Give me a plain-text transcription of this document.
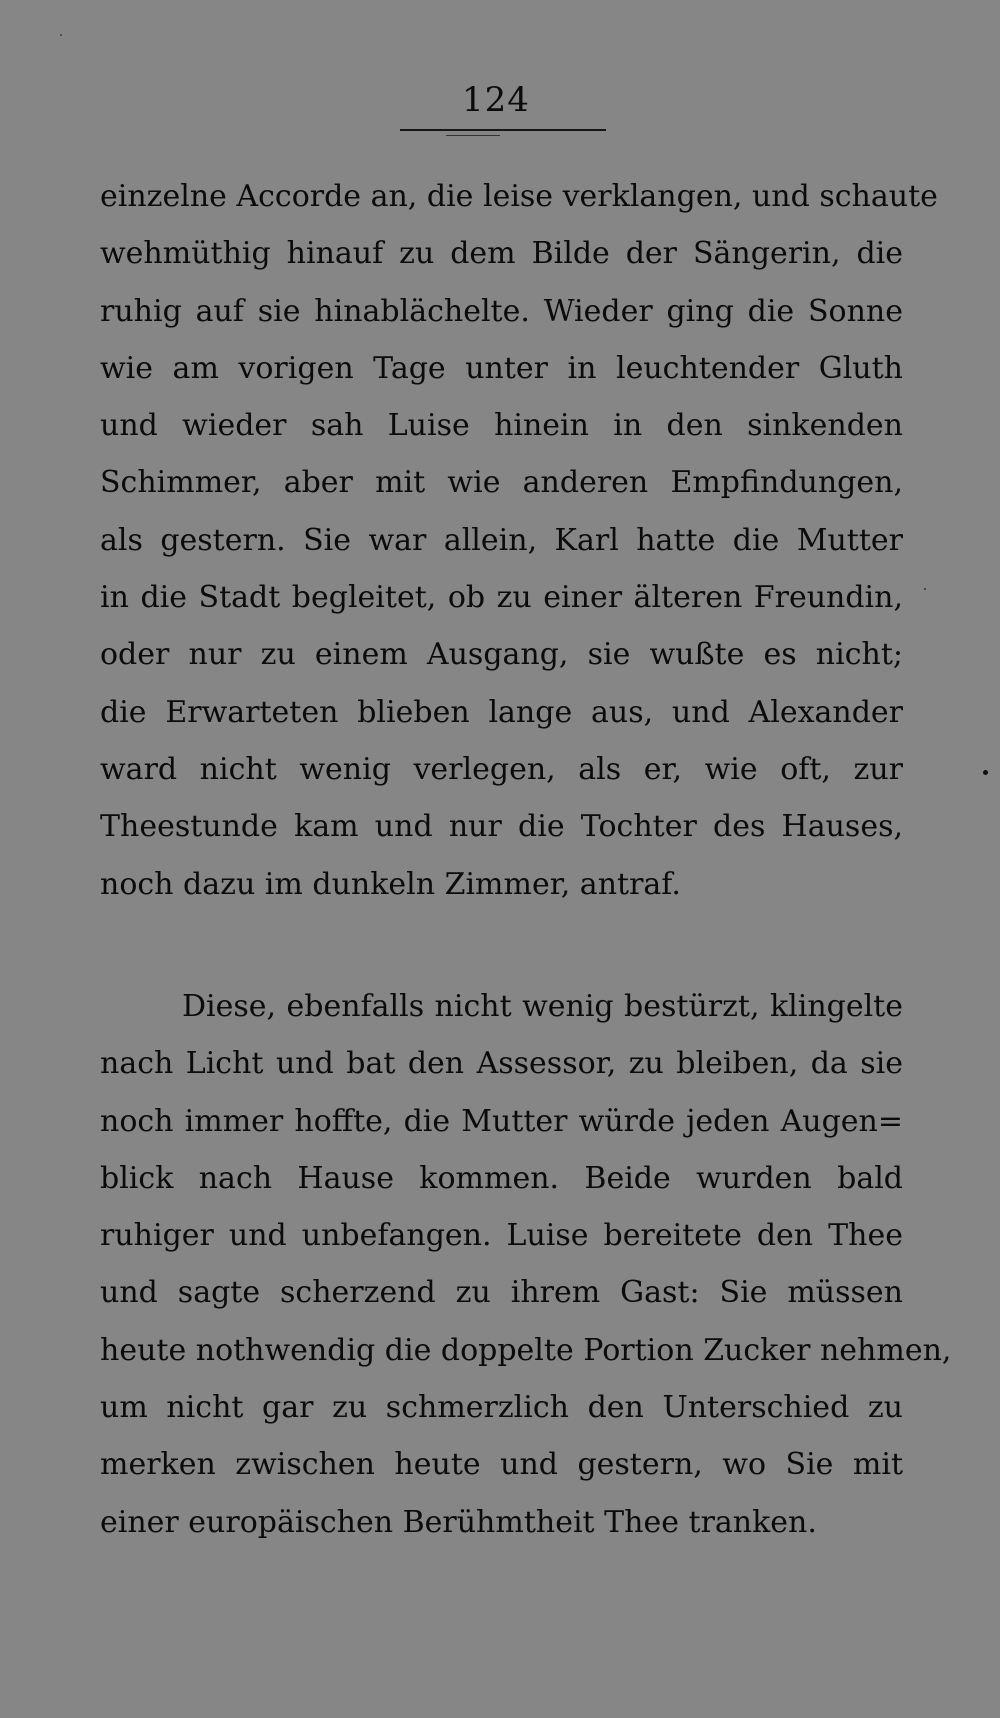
124
einzelne Accorde an, die leise verklangen, und schaute
wehmüthig hinauf zu dem Bilde der Sängerin, die
ruhig auf sie hinablächelte. Wieder ging die Sonne
wie am vorigen Tage unter in leuchtender Gluth
und wieder sah Luise hinein in den sinkenden
Schimmer, aber mit wie anderen Empfindungen,
als gestern. Sie war allein, Karl hatte die Mutter
in die Stadt begleitet, ob zu einer älteren Freundin,
oder nur zu einem Ausgang, sie wußte es nicht;
die Erwarteten blieben lange aus, und Alexander
ward nicht wenig verlegen, als er, wie oft, zur
Theestunde kam und nur die Tochter des Hauses,
noch dazu im dunkeln Zimmer, antraf.
Diese, ebenfalls nicht wenig bestürzt, klingelte
nach Licht und bat den Assessor, zu bleiben, da sie
noch immer hoffte, die Mutter würde jeden Augen=
blick nach Hause kommen. Beide wurden bald
ruhiger und unbefangen. Luise bereitete den Thee
und sagte scherzend zu ihrem Gast: Sie müssen
heute nothwendig die doppelte Portion Zucker nehmen,
um nicht gar zu schmerzlich den Unterschied zu
merken zwischen heute und gestern, wo Sie mit
einer europäischen Berühmtheit Thee tranken.
